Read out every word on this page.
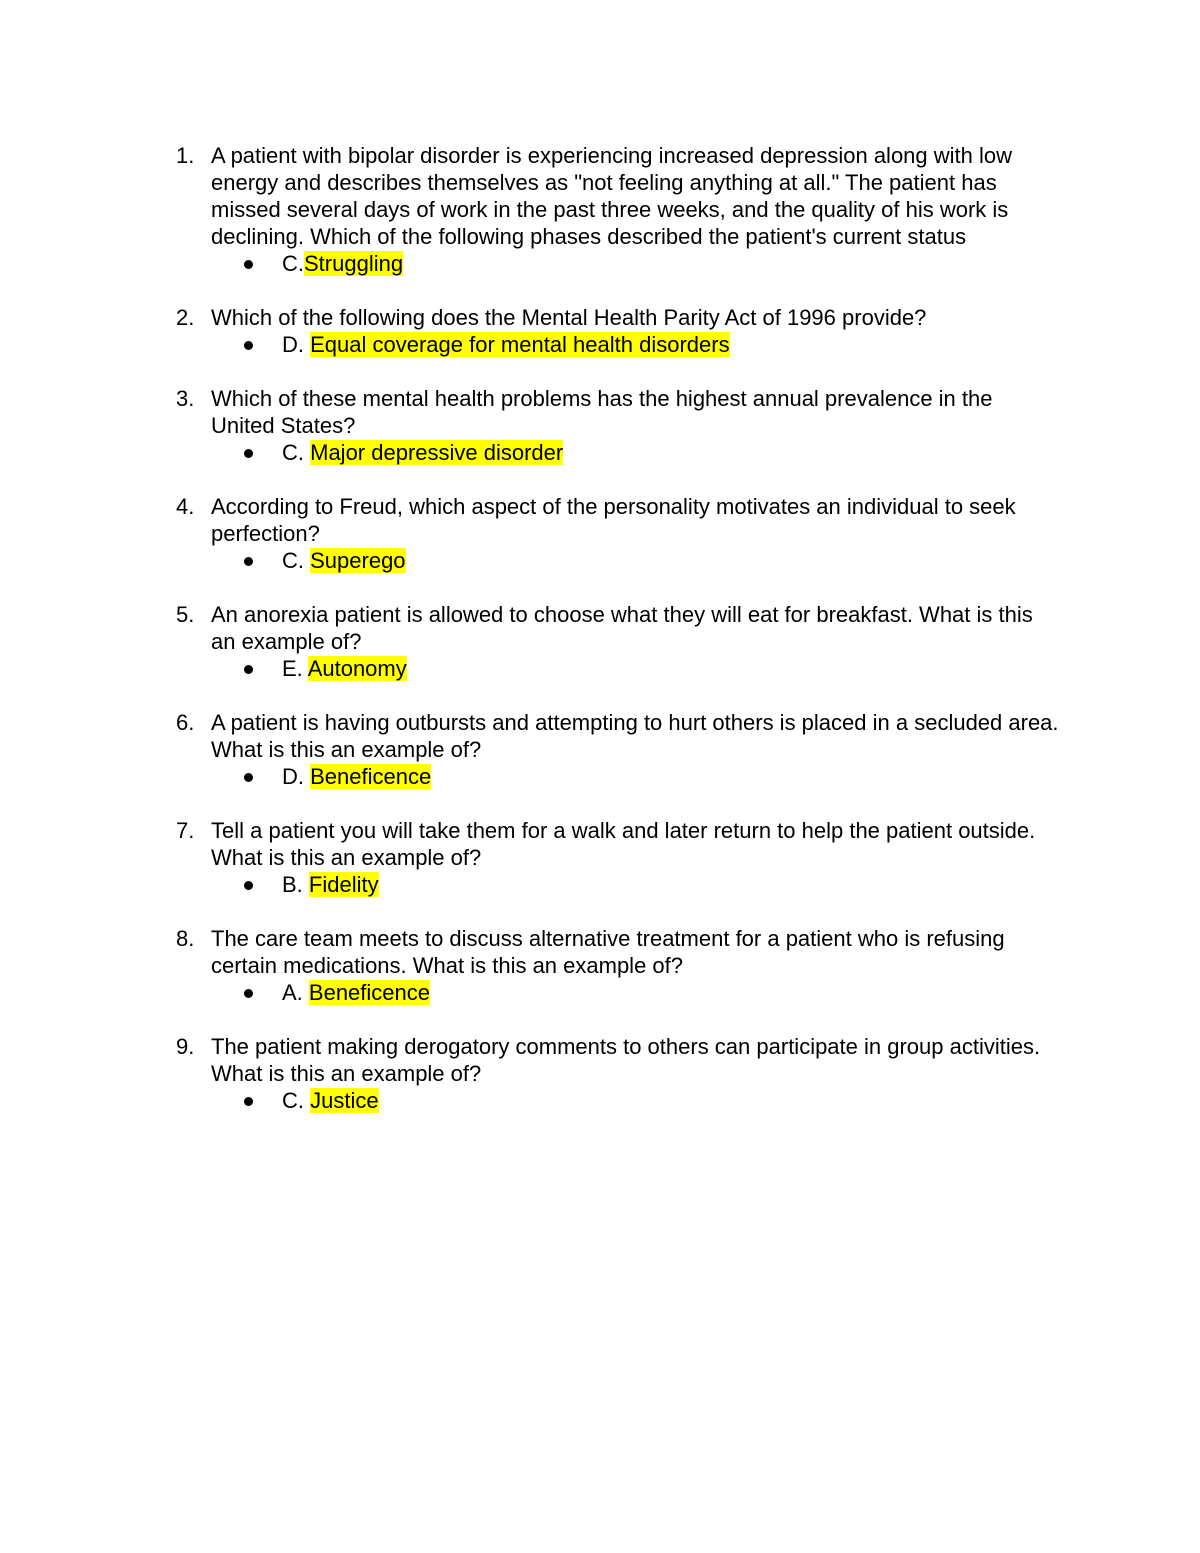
1. A patient with bipolar disorder is experiencing increased depression along with low energy and describes themselves as "not feeling anything at all." The patient has missed several days of work in the past three weeks, and the quality of his work is declining. Which of the following phases described the patient's current status
C.Struggling
2. Which of the following does the Mental Health Parity Act of 1996 provide?
D. Equal coverage for mental health disorders
3. Which of these mental health problems has the highest annual prevalence in the United States?
C. Major depressive disorder
4. According to Freud, which aspect of the personality motivates an individual to seek perfection?
C. Superego
5. An anorexia patient is allowed to choose what they will eat for breakfast. What is this an example of?
E. Autonomy
6. A patient is having outbursts and attempting to hurt others is placed in a secluded area. What is this an example of?
D. Beneficence
7. Tell a patient you will take them for a walk and later return to help the patient outside. What is this an example of?
B. Fidelity
8. The care team meets to discuss alternative treatment for a patient who is refusing certain medications. What is this an example of?
A. Beneficence
9. The patient making derogatory comments to others can participate in group activities. What is this an example of?
C. Justice
